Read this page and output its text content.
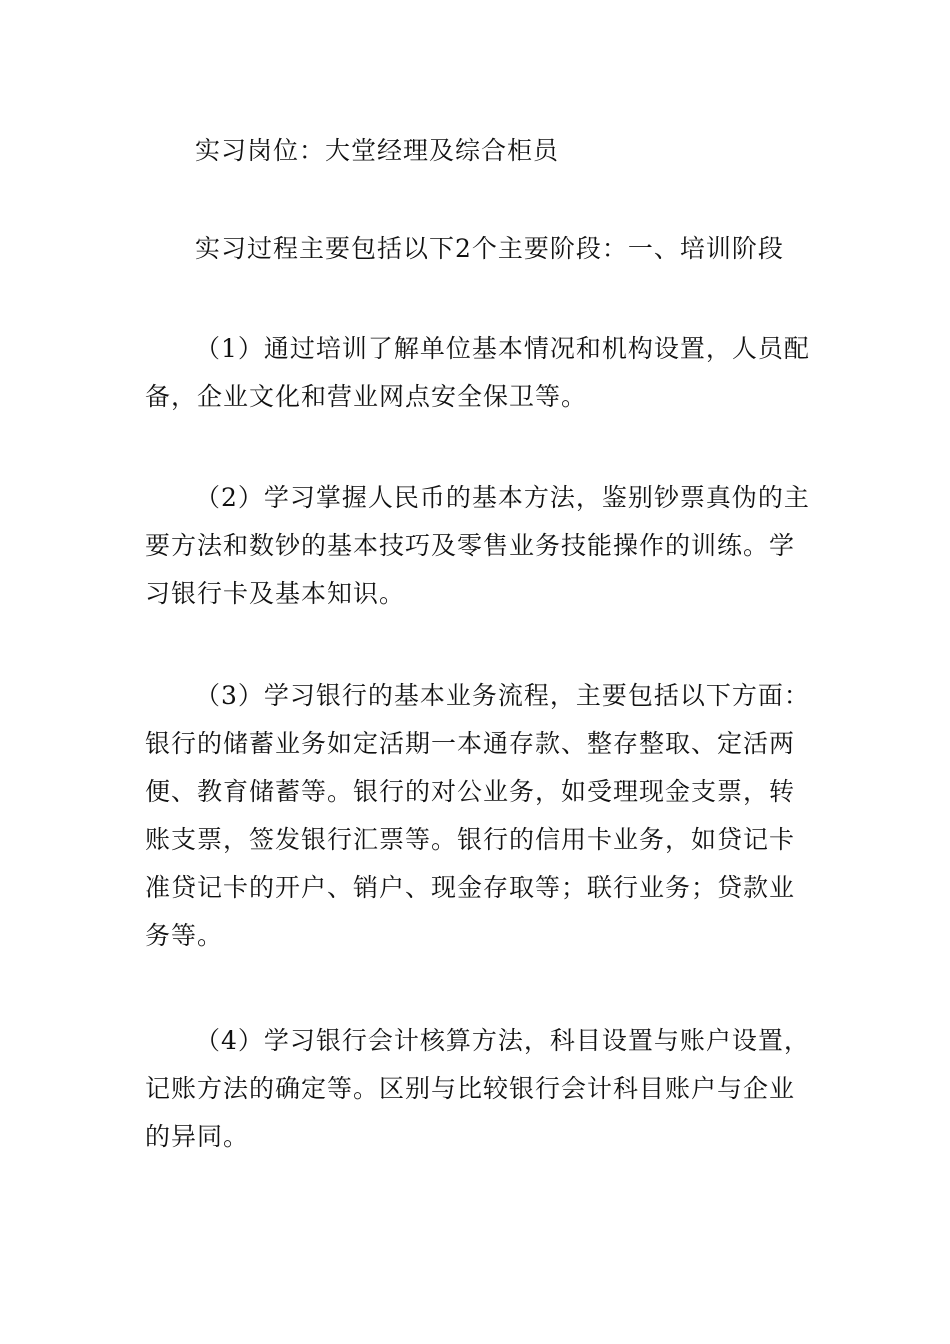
实习岗位：大堂经理及综合柜员

实习过程主要包括以下2个主要阶段：一、培训阶段

（1）通过培训了解单位基本情况和机构设置，人员配备，企业文化和营业网点安全保卫等。

（2）学习掌握人民币的基本方法，鉴别钞票真伪的主要方法和数钞的基本技巧及零售业务技能操作的训练。学习银行卡及基本知识。

（3）学习银行的基本业务流程，主要包括以下方面：银行的储蓄业务如定活期一本通存款、整存整取、定活两便、教育储蓄等。银行的对公业务，如受理现金支票，转账支票，签发银行汇票等。银行的信用卡业务，如贷记卡准贷记卡的开户、销户、现金存取等；联行业务；贷款业务等。

（4）学习银行会计核算方法，科目设置与账户设置，记账方法的确定等。区别与比较银行会计科目账户与企业的异同。
